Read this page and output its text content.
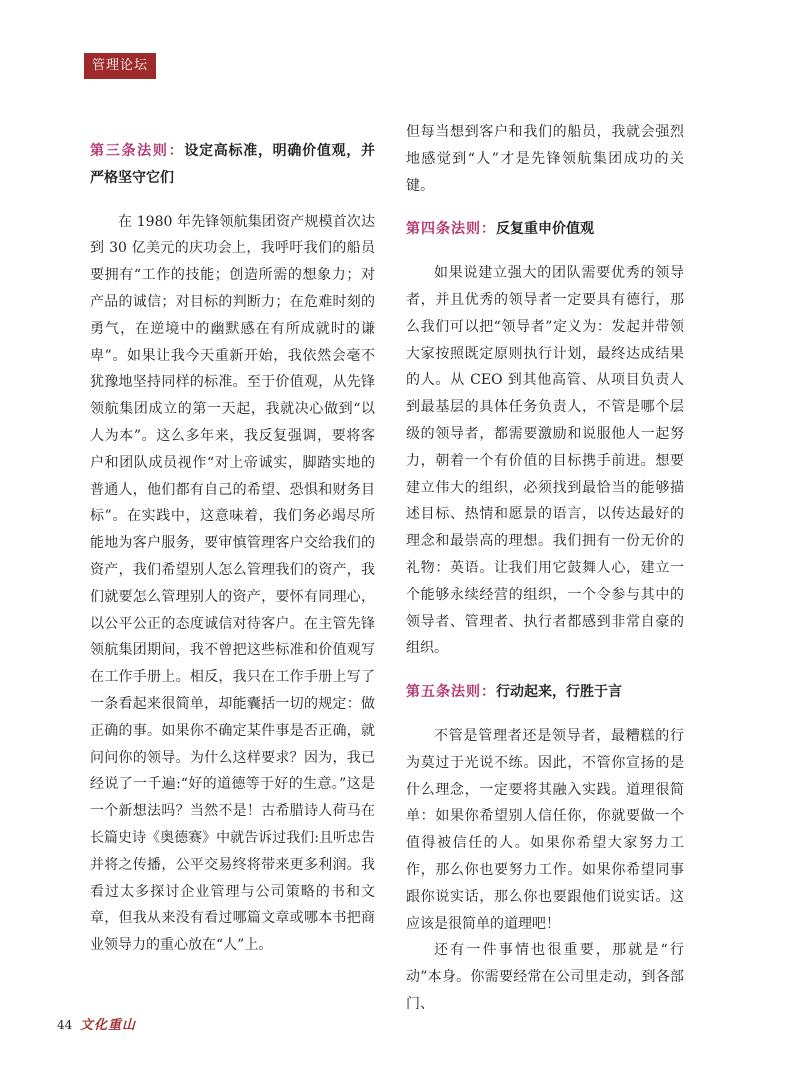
管理论坛
第三条法则：设定高标准，明确价值观，并严格坚守它们

在 1980 年先锋领航集团资产规模首次达到 30 亿美元的庆功会上，我呼吁我们的船员要拥有“工作的技能；创造所需的想象力；对产品的诚信；对目标的判断力；在危难时刻的勇气，在逆境中的幽默感在有所成就时的谦卑”。如果让我今天重新开始，我依然会毫不犹豫地坚持同样的标准。至于价值观，从先锋领航集团成立的第一天起，我就决心做到“以人为本”。这么多年来，我反复强调，要将客户和团队成员视作“对上帝诚实，脚踏实地的普通人，他们都有自己的希望、恐惧和财务目标”。在实践中，这意味着，我们务必竭尽所能地为客户服务，要审慎管理客户交给我们的资产，我们希望别人怎么管理我们的资产，我们就要怎么管理别人的资产，要怀有同理心，以公平公正的态度诚信对待客户。在主管先锋领航集团期间，我不曾把这些标准和价值观写在工作手册上。相反，我只在工作手册上写了一条看起来很简单，却能囊括一切的规定：做正确的事。如果你不确定某件事是否正确，就问问你的领导。为什么这样要求？因为，我已经说了一千遍:“好的道德等于好的生意。”这是一个新想法吗？当然不是！古希腊诗人荷马在长篇史诗《奥德赛》中就告诉过我们:且听忠告并将之传播，公平交易终将带来更多利润。我看过太多探讨企业管理与公司策略的书和文章，但我从来没有看过哪篇文章或哪本书把商业领导力的重心放在“人”上。

但每当想到客户和我们的船员，我就会强烈地感觉到“人”才是先锋领航集团成功的关键。

第四条法则：反复重申价值观

如果说建立强大的团队需要优秀的领导者，并且优秀的领导者一定要具有德行，那么我们可以把“领导者”定义为：发起并带领大家按照既定原则执行计划，最终达成结果的人。从 CEO 到其他高管、从项目负责人到最基层的具体任务负责人，不管是哪个层级的领导者，都需要激励和说服他人一起努力，朝着一个有价值的目标携手前进。想要建立伟大的组织，必须找到最恰当的能够描述目标、热情和愿景的语言，以传达最好的理念和最崇高的理想。我们拥有一份无价的礼物：英语。让我们用它鼓舞人心，建立一个能够永续经营的组织，一个令参与其中的领导者、管理者、执行者都感到非常自豪的组织。

第五条法则：行动起来，行胜于言

不管是管理者还是领导者，最糟糕的行为莫过于光说不练。因此，不管你宣扬的是什么理念，一定要将其融入实践。道理很简单：如果你希望别人信任你，你就要做一个值得被信任的人。如果你希望大家努力工作，那么你也要努力工作。如果你希望同事跟你说实话，那么你也要跟他们说实话。这应该是很简单的道理吧！

还有一件事情也很重要，那就是“行动”本身。你需要经常在公司里走动，到各部门、

44 文化重山
